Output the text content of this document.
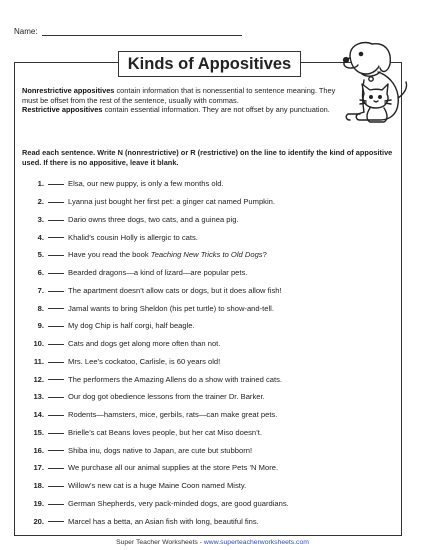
Name:
Kinds of Appositives

Nonrestrictive appositives contain information that is nonessential to sentence meaning. They must be offset from the rest of the sentence, usually with commas.

Restrictive appositives contain essential information. They are not offset by any punctuation.

Read each sentence. Write N (nonrestrictive) or R (restrictive) on the line to identify the kind of appositive used. If there is no appositive, leave it blank.
1.	Elsa, our new puppy, is only a few months old.
2.	Lyanna just bought her first pet: a ginger cat named Pumpkin.
3.	Dario owns three dogs, two cats, and a guinea pig.
4.	Khalid’s cousin Holly is allergic to cats.
5.	Have you read the book Teaching New Tricks to Old Dogs?
6.	Bearded dragons—a kind of lizard—are popular pets.
7.	The apartment doesn’t allow cats or dogs, but it does allow fish!
8.	Jamal wants to bring Sheldon (his pet turtle) to show-and-tell.
9.	My dog Chip is half corgi, half beagle.
10.	Cats and dogs get along more often than not.
11.	Mrs. Lee’s cockatoo, Carlisle, is 60 years old!
12.	The performers the Amazing Allens do a show with trained cats.
13.	Our dog got obedience lessons from the trainer Dr. Barker.
14.	Rodents—hamsters, mice, gerbils, rats—can make great pets.
15.	Brielle’s cat Beans loves people, but her cat Miso doesn’t.
16.	Shiba inu, dogs native to Japan, are cute but stubborn!
17.	We purchase all our animal supplies at the store Pets ’N More.
18.	Willow’s new cat is a huge Maine Coon named Misty.
19.	German Shepherds, very pack-minded dogs, are good guardians.
20.	Marcel has a betta, an Asian fish with long, beautiful fins.
Super Teacher Worksheets - www.superteacherworksheets.com
